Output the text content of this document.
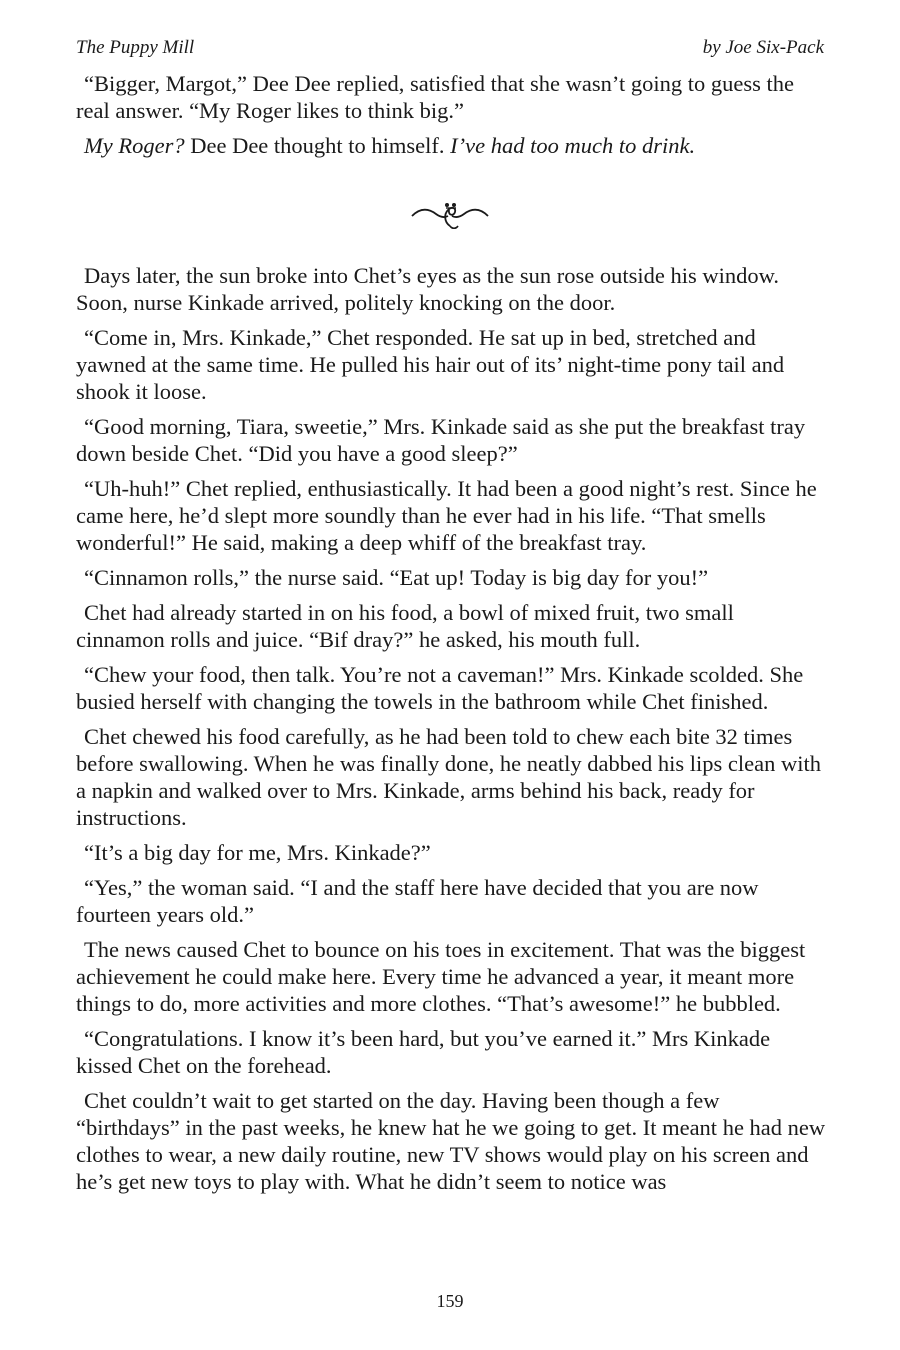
The Puppy Mill	by Joe Six-Pack

“Bigger, Margot,” Dee Dee replied, satisfied that she wasn’t going to guess the real answer. “My Roger likes to think big.”

My Roger? Dee Dee thought to himself. I’ve had too much to drink.

Days later, the sun broke into Chet’s eyes as the sun rose outside his window. Soon, nurse Kinkade arrived, politely knocking on the door.

“Come in, Mrs. Kinkade,” Chet responded. He sat up in bed, stretched and yawned at the same time. He pulled his hair out of its’ night-time pony tail and shook it loose.

“Good morning, Tiara, sweetie,” Mrs. Kinkade said as she put the breakfast tray down beside Chet. “Did you have a good sleep?”

“Uh-huh!” Chet replied, enthusiastically. It had been a good night’s rest. Since he came here, he’d slept more soundly than he ever had in his life. “That smells wonderful!” He said, making a deep whiff of the breakfast tray.

“Cinnamon rolls,” the nurse said. “Eat up! Today is big day for you!”

Chet had already started in on his food, a bowl of mixed fruit, two small cinnamon rolls and juice. “Bif dray?” he asked, his mouth full.

“Chew your food, then talk. You’re not a caveman!” Mrs. Kinkade scolded. She busied herself with changing the towels in the bathroom while Chet finished.

Chet chewed his food carefully, as he had been told to chew each bite 32 times before swallowing. When he was finally done, he neatly dabbed his lips clean with a napkin and walked over to Mrs. Kinkade, arms behind his back, ready for instructions.

“It’s a big day for me, Mrs. Kinkade?”

“Yes,” the woman said. “I and the staff here have decided that you are now fourteen years old.”

The news caused Chet to bounce on his toes in excitement. That was the biggest achievement he could make here. Every time he advanced a year, it meant more things to do, more activities and more clothes. “That’s awesome!” he bubbled.

“Congratulations. I know it’s been hard, but you’ve earned it.” Mrs Kinkade kissed Chet on the forehead.

Chet couldn’t wait to get started on the day. Having been though a few “birthdays” in the past weeks, he knew hat he we going to get. It meant he had new clothes to wear, a new daily routine, new TV shows would play on his screen and he’s get new toys to play with. What he didn’t seem to notice was

159
